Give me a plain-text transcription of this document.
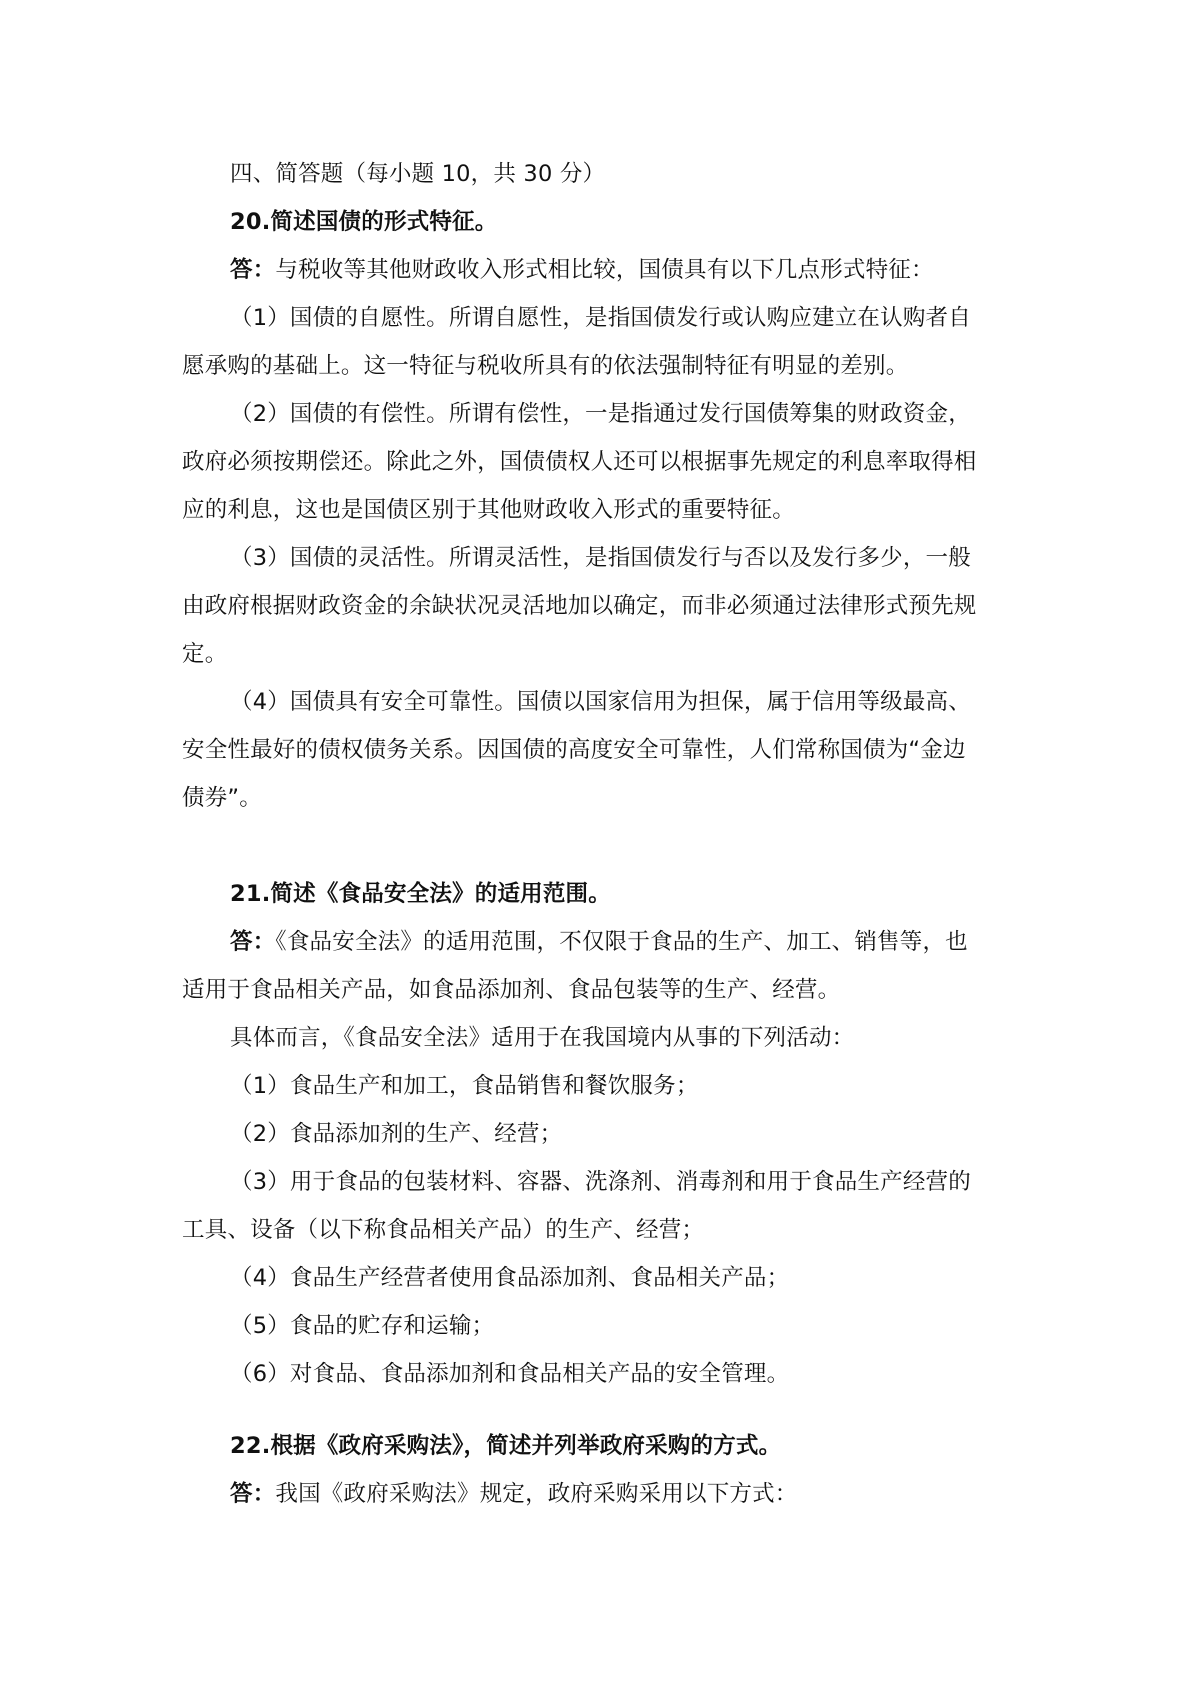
四、简答题（每小题 10，共 30 分）
20.简述国债的形式特征。
答：与税收等其他财政收入形式相比较，国债具有以下几点形式特征：
（1）国债的自愿性。所谓自愿性，是指国债发行或认购应建立在认购者自
愿承购的基础上。这一特征与税收所具有的依法强制特征有明显的差别。
（2）国债的有偿性。所谓有偿性，一是指通过发行国债筹集的财政资金，
政府必须按期偿还。除此之外，国债债权人还可以根据事先规定的利息率取得相
应的利息，这也是国债区别于其他财政收入形式的重要特征。
（3）国债的灵活性。所谓灵活性，是指国债发行与否以及发行多少，一般
由政府根据财政资金的余缺状况灵活地加以确定，而非必须通过法律形式预先规
定。
（4）国债具有安全可靠性。国债以国家信用为担保，属于信用等级最高、
安全性最好的债权债务关系。因国债的高度安全可靠性，人们常称国债为“金边
债券”。
21.简述《食品安全法》的适用范围。
答：《食品安全法》的适用范围，不仅限于食品的生产、加工、销售等，也
适用于食品相关产品，如食品添加剂、食品包装等的生产、经营。
具体而言，《食品安全法》适用于在我国境内从事的下列活动：
（1）食品生产和加工，食品销售和餐饮服务；
（2）食品添加剂的生产、经营；
（3）用于食品的包装材料、容器、洗涤剂、消毒剂和用于食品生产经营的
工具、设备（以下称食品相关产品）的生产、经营；
（4）食品生产经营者使用食品添加剂、食品相关产品；
（5）食品的贮存和运输；
（6）对食品、食品添加剂和食品相关产品的安全管理。
22.根据《政府采购法》，简述并列举政府采购的方式。
答：我国《政府采购法》规定，政府采购采用以下方式：
